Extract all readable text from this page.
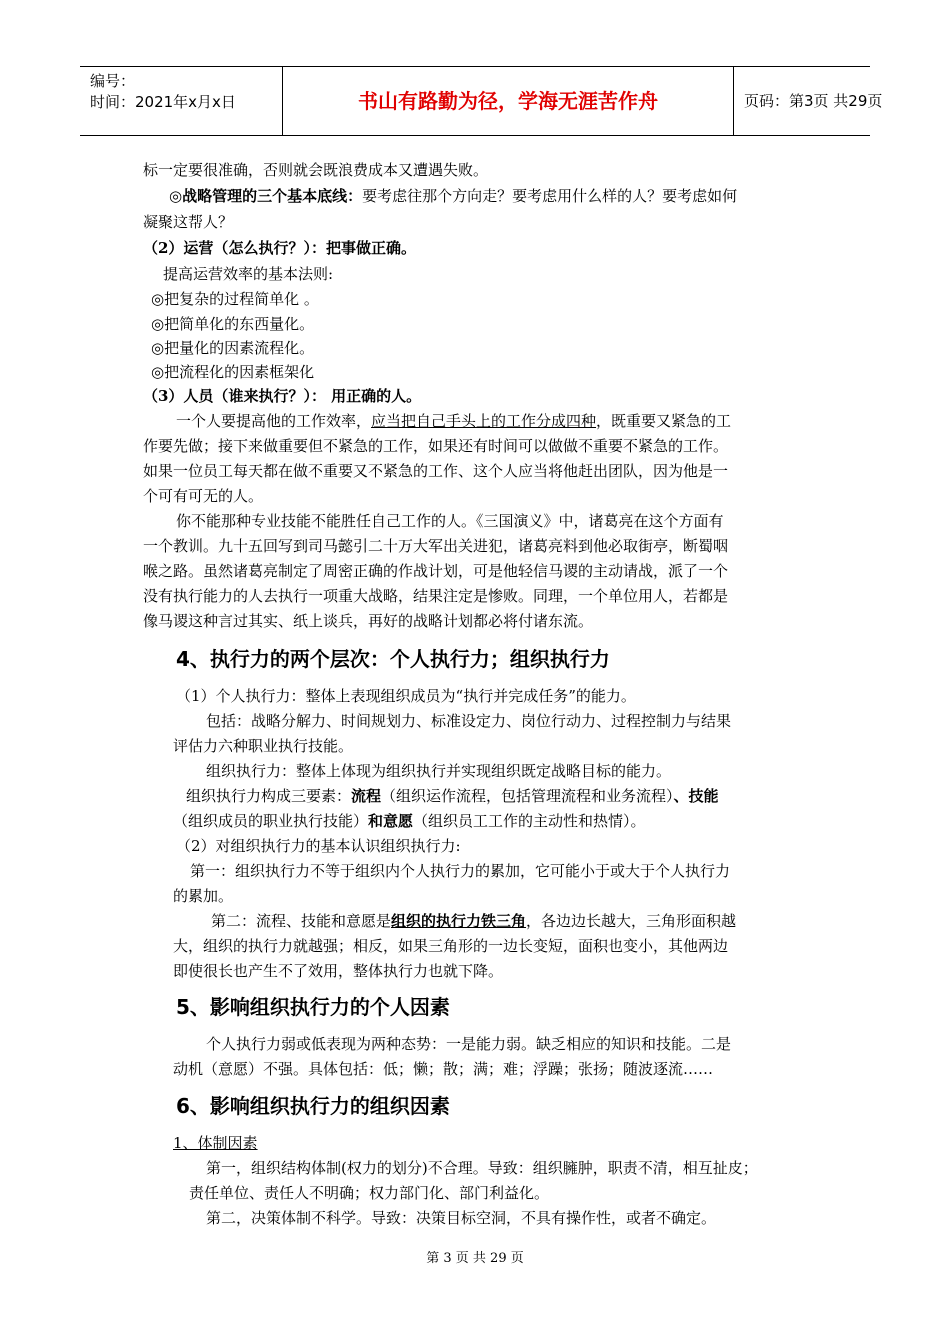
编号：
时间：2021年x月x日	书山有路勤为径，学海无涯苦作舟	页码：第3页 共29页
标一定要很准确，否则就会既浪费成本又遭遇失败。
◎战略管理的三个基本底线：要考虑往那个方向走？要考虑用什么样的人？要考虑如何
凝聚这帮人？
（2）运营（怎么执行？）：把事做正确。
提高运营效率的基本法则:
◎把复杂的过程简单化 。
◎把简单化的东西量化。
◎把量化的因素流程化。
◎把流程化的因素框架化
（3）人员（谁来执行？）： 用正确的人。
一个人要提高他的工作效率，应当把自己手头上的工作分成四种，既重要又紧急的工
作要先做；接下来做重要但不紧急的工作，如果还有时间可以做做不重要不紧急的工作。
如果一位员工每天都在做不重要又不紧急的工作、这个人应当将他赶出团队，因为他是一
个可有可无的人。
你不能那种专业技能不能胜任自己工作的人。《三国演义》中，诸葛亮在这个方面有
一个教训。九十五回写到司马懿引二十万大军出关进犯，诸葛亮料到他必取街亭，断蜀咽
喉之路。虽然诸葛亮制定了周密正确的作战计划，可是他轻信马谡的主动请战，派了一个
没有执行能力的人去执行一项重大战略，结果注定是惨败。同理，一个单位用人，若都是
像马谡这种言过其实、纸上谈兵，再好的战略计划都必将付诸东流。
4、执行力的两个层次：个人执行力；组织执行力
（1）个人执行力：整体上表现组织成员为“执行并完成任务”的能力。
包括：战略分解力、时间规划力、标准设定力、岗位行动力、过程控制力与结果
评估力六种职业执行技能。
组织执行力：整体上体现为组织执行并实现组织既定战略目标的能力。
组织执行力构成三要素：流程（组织运作流程，包括管理流程和业务流程）、技能
（组织成员的职业执行技能）和意愿（组织员工工作的主动性和热情）。
（2）对组织执行力的基本认识组织执行力:
第一：组织执行力不等于组织内个人执行力的累加，它可能小于或大于个人执行力
的累加。
第二：流程、技能和意愿是组织的执行力铁三角，各边边长越大，三角形面积越
大，组织的执行力就越强；相反，如果三角形的一边长变短，面积也变小，其他两边
即使很长也产生不了效用，整体执行力也就下降。
5、影响组织执行力的个人因素
个人执行力弱或低表现为两种态势：一是能力弱。缺乏相应的知识和技能。二是
动机（意愿）不强。具体包括：低；懒；散；满；难；浮躁；张扬；随波逐流……
6、影响组织执行力的组织因素
1、体制因素
第一，组织结构体制(权力的划分)不合理。导致：组织臃肿，职责不清，相互扯皮；
责任单位、责任人不明确；权力部门化、部门利益化。
第二，决策体制不科学。导致：决策目标空洞，不具有操作性，或者不确定。
第 3 页 共 29 页
